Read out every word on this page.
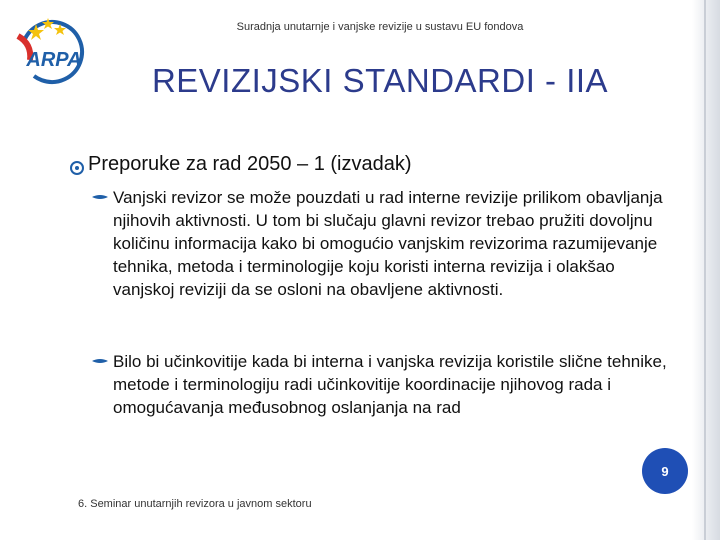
ARPA
Suradnja unutarnje i vanjske revizije u sustavu EU fondova
REVIZIJSKI STANDARDI - IIA
Preporuke za rad 2050 – 1 (izvadak)

Vanjski revizor se može pouzdati u rad interne revizije prilikom obavljanja njihovih aktivnosti. U tom bi slučaju glavni revizor trebao pružiti dovoljnu količinu informacija kako bi omogućio vanjskim revizorima razumijevanje tehnika, metoda i terminologije koju koristi interna revizija i olakšao vanjskoj reviziji da se osloni na obavljene aktivnosti.

Bilo bi učinkovitije kada bi interna i vanjska revizija koristile slične tehnike, metode i terminologiju radi učinkovitije koordinacije njihovog rada i omogućavanja međusobnog oslanjanja na rad

9
6. Seminar unutarnjih revizora u javnom sektoru
